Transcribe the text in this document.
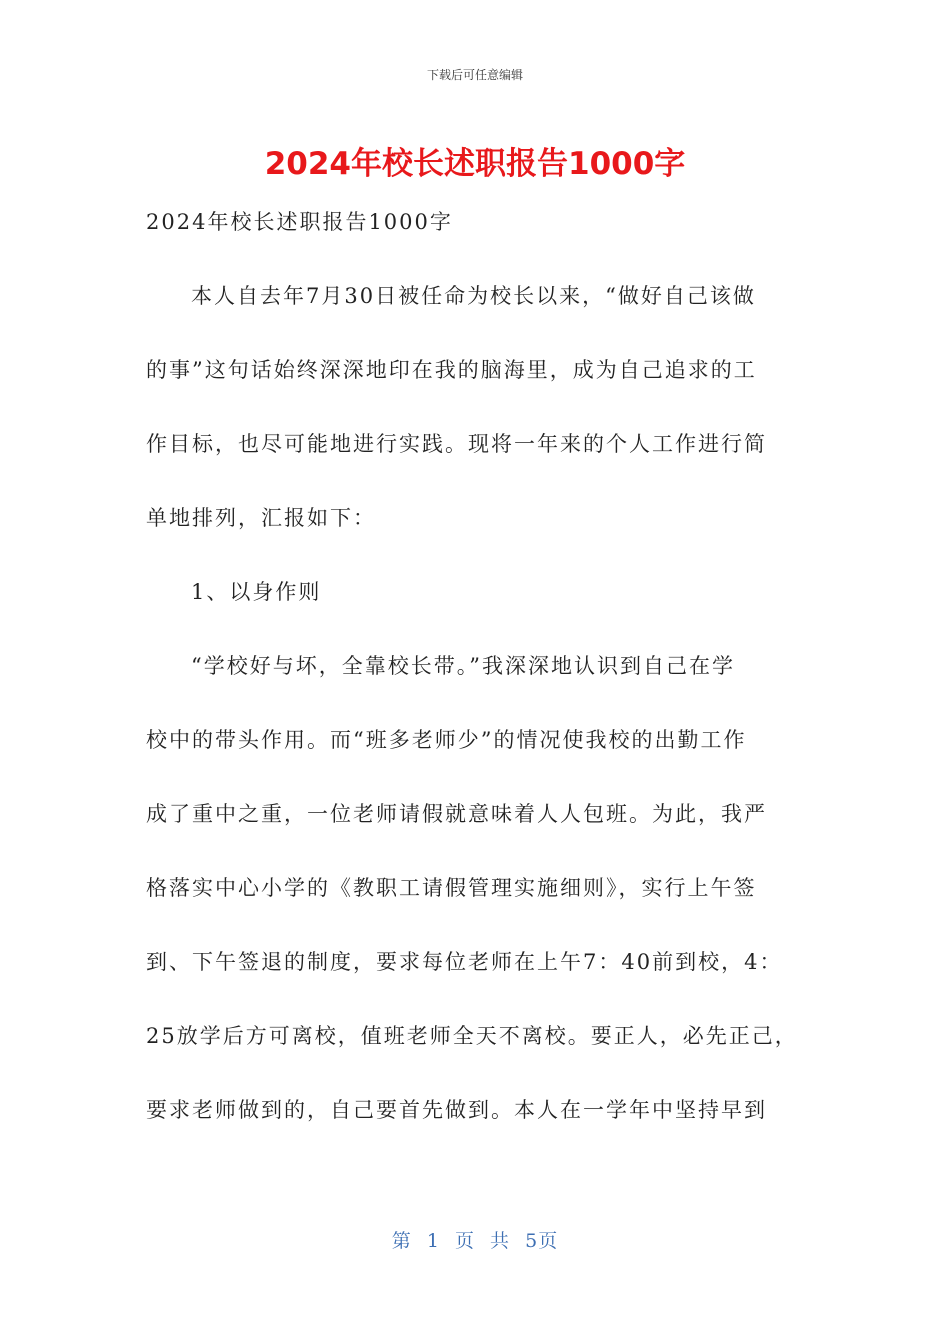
下载后可任意编辑
2024年校长述职报告1000字
2024年校长述职报告1000字
本人自去年7月30日被任命为校长以来，“做好自己该做
的事”这句话始终深深地印在我的脑海里，成为自己追求的工
作目标，也尽可能地进行实践。现将一年来的个人工作进行简
单地排列，汇报如下：
1、以身作则
“学校好与坏，全靠校长带。”我深深地认识到自己在学
校中的带头作用。而“班多老师少”的情况使我校的出勤工作
成了重中之重，一位老师请假就意味着人人包班。为此，我严
格落实中心小学的《教职工请假管理实施细则》，实行上午签
到、下午签退的制度，要求每位老师在上午7：40前到校，4：
25放学后方可离校，值班老师全天不离校。要正人，必先正己，
要求老师做到的，自己要首先做到。本人在一学年中坚持早到
第 1 页 共 5页
